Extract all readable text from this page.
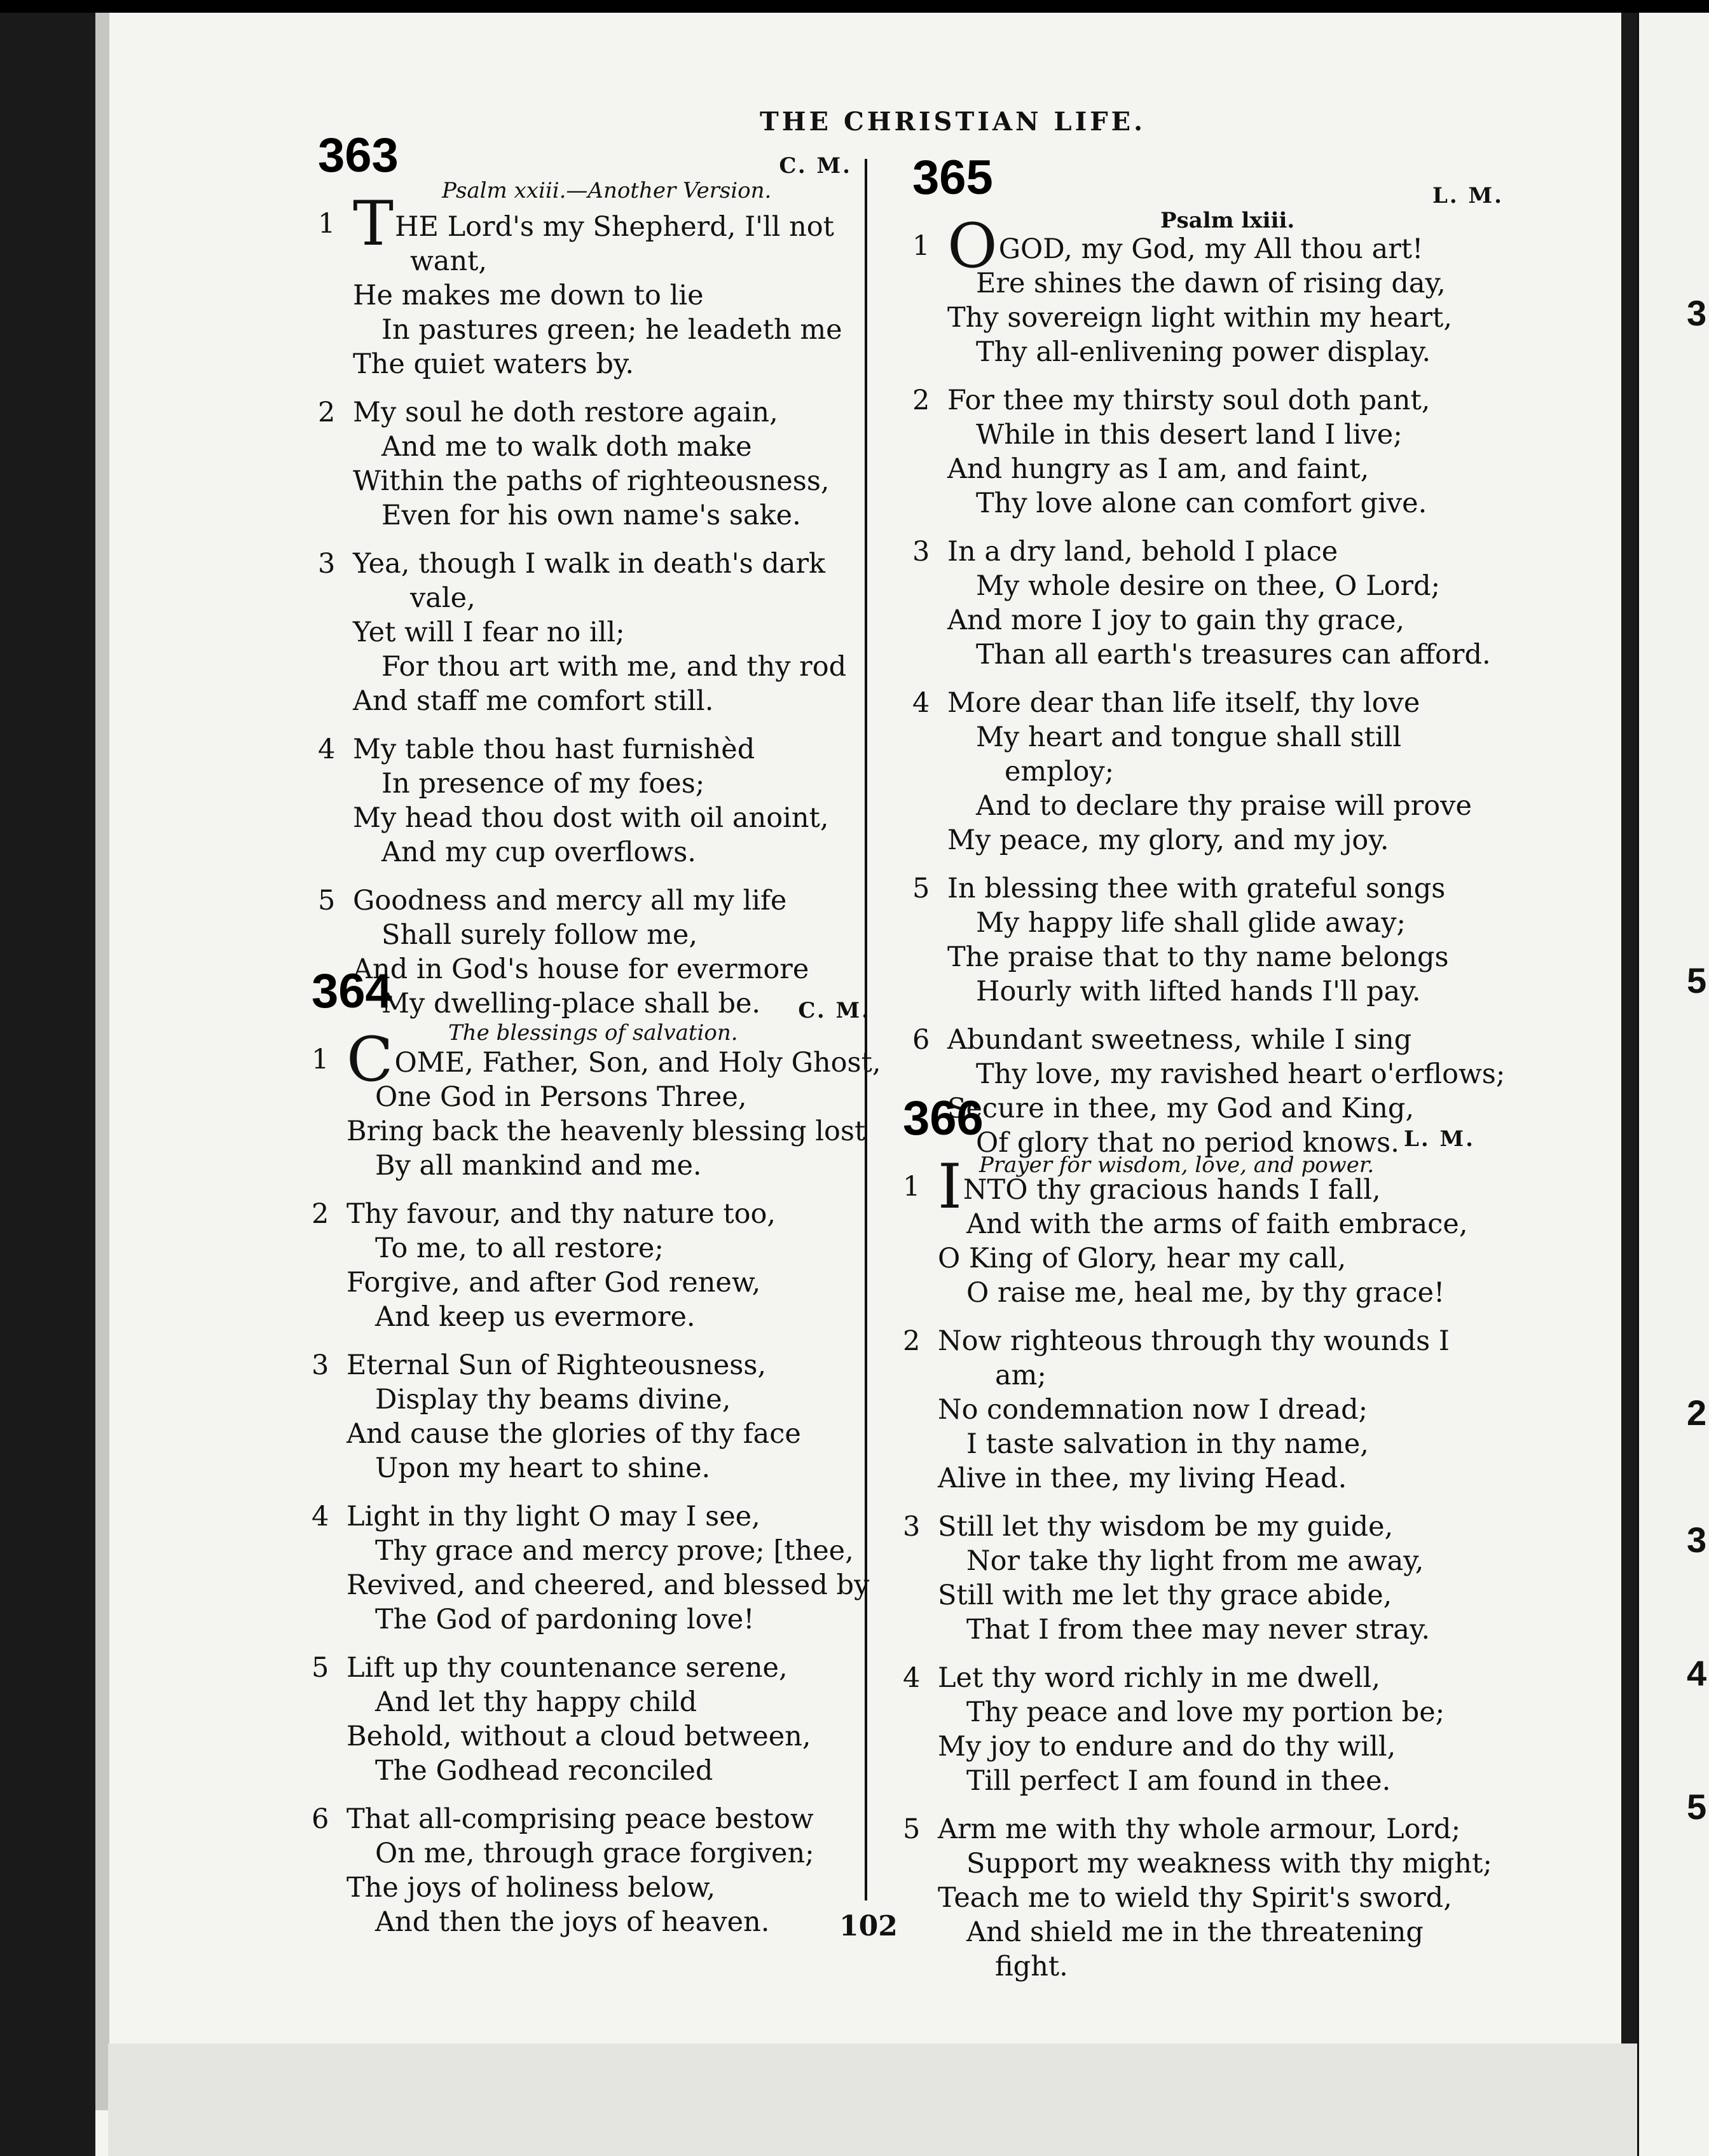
3
5
2
3
4
5
THE CHRISTIAN LIFE.
363	C. M.
Psalm xxiii.—Another Version.
1 THE Lord's my Shepherd, I'll not
want,
He makes me down to lie
In pastures green; he leadeth me
The quiet waters by.
2 My soul he doth restore again,
And me to walk doth make
Within the paths of righteousness,
Even for his own name's sake.
3 Yea, though I walk in death's dark
vale,
Yet will I fear no ill;
For thou art with me, and thy rod
And staff me comfort still.
4 My table thou hast furnishèd
In presence of my foes;
My head thou dost with oil anoint,
And my cup overflows.
5 Goodness and mercy all my life
Shall surely follow me,
And in God's house for evermore
My dwelling-place shall be.
364	C. M.
The blessings of salvation.
1 COME, Father, Son, and Holy Ghost,
One God in Persons Three,
Bring back the heavenly blessing lost
By all mankind and me.
2 Thy favour, and thy nature too,
To me, to all restore;
Forgive, and after God renew,
And keep us evermore.
3 Eternal Sun of Righteousness,
Display thy beams divine,
And cause the glories of thy face
Upon my heart to shine.
4 Light in thy light O may I see,
Thy grace and mercy prove; [thee,
Revived, and cheered, and blessed by
The God of pardoning love!
5 Lift up thy countenance serene,
And let thy happy child
Behold, without a cloud between,
The Godhead reconciled
6 That all-comprising peace bestow
On me, through grace forgiven;
The joys of holiness below,
And then the joys of heaven.
365	L. M.
Psalm lxiii.
1 OGOD, my God, my All thou art!
Ere shines the dawn of rising day,
Thy sovereign light within my heart,
Thy all-enlivening power display.
2 For thee my thirsty soul doth pant,
While in this desert land I live;
And hungry as I am, and faint,
Thy love alone can comfort give.
3 In a dry land, behold I place
My whole desire on thee, O Lord;
And more I joy to gain thy grace,
Than all earth's treasures can afford.
4 More dear than life itself, thy love
My heart and tongue shall still
employ;
And to declare thy praise will prove
My peace, my glory, and my joy.
5 In blessing thee with grateful songs
My happy life shall glide away;
The praise that to thy name belongs
Hourly with lifted hands I'll pay.
6 Abundant sweetness, while I sing
Thy love, my ravished heart o'erflows;
Secure in thee, my God and King,
Of glory that no period knows.
366	L. M.
Prayer for wisdom, love, and power.
1 INTO thy gracious hands I fall,
And with the arms of faith embrace,
O King of Glory, hear my call,
O raise me, heal me, by thy grace!
2 Now righteous through thy wounds I
am;
No condemnation now I dread;
I taste salvation in thy name,
Alive in thee, my living Head.
3 Still let thy wisdom be my guide,
Nor take thy light from me away,
Still with me let thy grace abide,
That I from thee may never stray.
4 Let thy word richly in me dwell,
Thy peace and love my portion be;
My joy to endure and do thy will,
Till perfect I am found in thee.
5 Arm me with thy whole armour, Lord;
Support my weakness with thy might;
Teach me to wield thy Spirit's sword,
And shield me in the threatening
fight.
102
